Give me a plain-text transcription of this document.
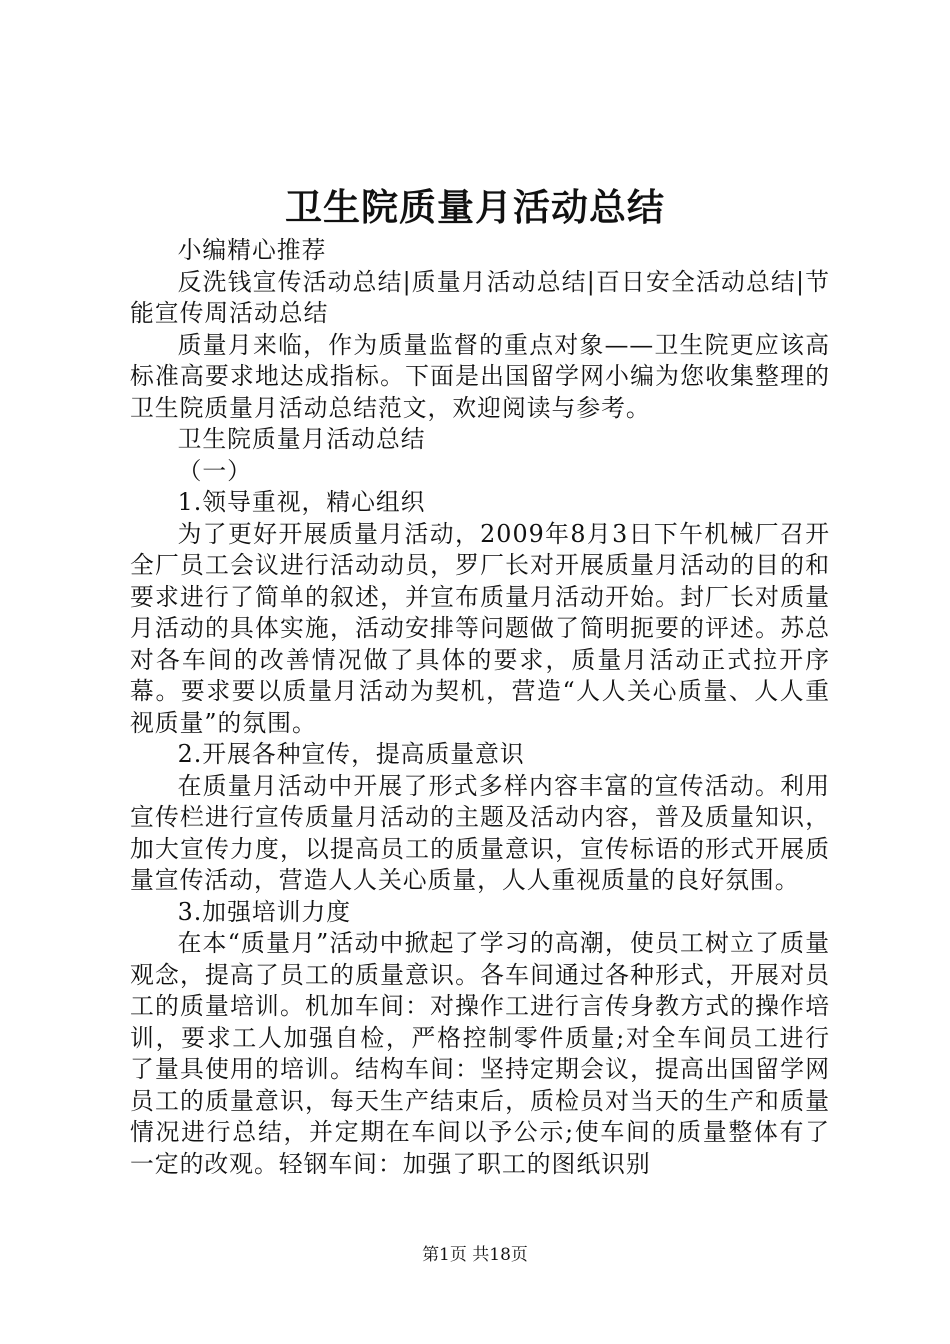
卫生院质量月活动总结

小编精心推荐

反洗钱宣传活动总结|质量月活动总结|百日安全活动总结|节能宣传周活动总结

质量月来临，作为质量监督的重点对象——卫生院更应该高标准高要求地达成指标。下面是出国留学网小编为您收集整理的卫生院质量月活动总结范文，欢迎阅读与参考。

卫生院质量月活动总结

（一）

1.领导重视，精心组织

为了更好开展质量月活动，2009年8月3日下午机械厂召开全厂员工会议进行活动动员，罗厂长对开展质量月活动的目的和要求进行了简单的叙述，并宣布质量月活动开始。封厂长对质量月活动的具体实施，活动安排等问题做了简明扼要的评述。苏总对各车间的改善情况做了具体的要求，质量月活动正式拉开序幕。要求要以质量月活动为契机，营造“人人关心质量、人人重视质量”的氛围。

2.开展各种宣传，提高质量意识

在质量月活动中开展了形式多样内容丰富的宣传活动。利用宣传栏进行宣传质量月活动的主题及活动内容，普及质量知识，加大宣传力度，以提高员工的质量意识，宣传标语的形式开展质量宣传活动，营造人人关心质量，人人重视质量的良好氛围。

3.加强培训力度

在本“质量月”活动中掀起了学习的高潮，使员工树立了质量观念，提高了员工的质量意识。各车间通过各种形式，开展对员工的质量培训。机加车间：对操作工进行言传身教方式的操作培训，要求工人加强自检，严格控制零件质量;对全车间员工进行了量具使用的培训。结构车间：坚持定期会议，提高出国留学网员工的质量意识，每天生产结束后，质检员对当天的生产和质量情况进行总结，并定期在车间以予公示;使车间的质量整体有了一定的改观。轻钢车间：加强了职工的图纸识别

第1页 共18页
